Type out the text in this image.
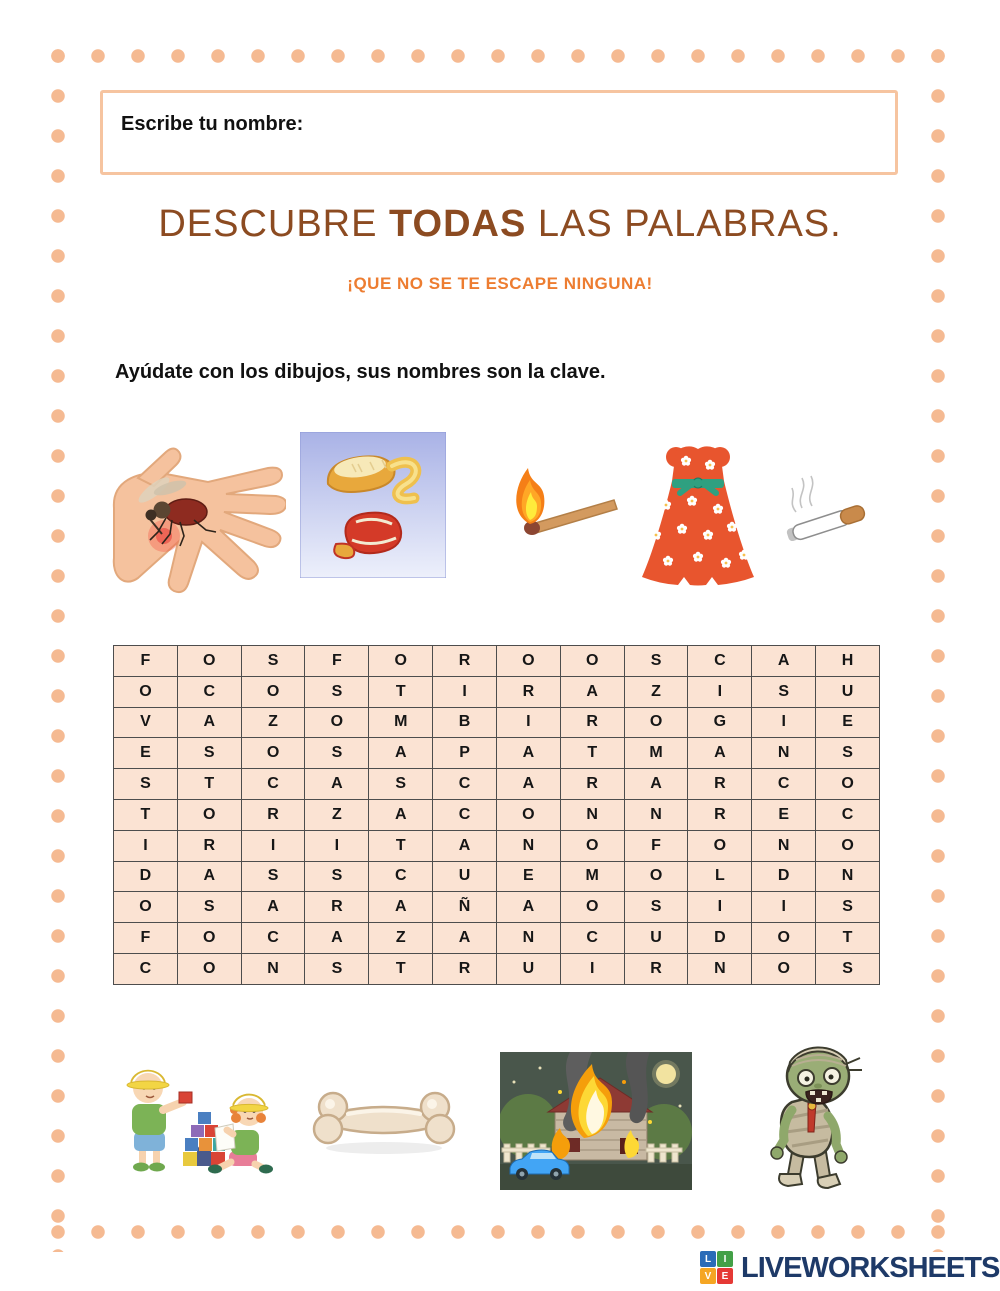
Escribe tu nombre:
DESCUBRE TODAS LAS PALABRAS.
¡QUE NO SE TE ESCAPE NINGUNA!
Ayúdate con los dibujos, sus nombres son la clave.
F	O	S	F	O	R	O	O	S	C	A	H
O	C	O	S	T	I	R	A	Z	I	S	U
V	A	Z	O	M	B	I	R	O	G	I	E
E	S	O	S	A	P	A	T	M	A	N	S
S	T	C	A	S	C	A	R	A	R	C	O
T	O	R	Z	A	C	O	N	N	R	E	C
I	R	I	I	T	A	N	O	F	O	N	O
D	A	S	S	C	U	E	M	O	L	D	N
O	S	A	R	A	Ñ	A	O	S	I	I	S
F	O	C	A	Z	A	N	C	U	D	O	T
C	O	N	S	T	R	U	I	R	N	O	S
L	I
V	E LIVEWORKSHEETS
